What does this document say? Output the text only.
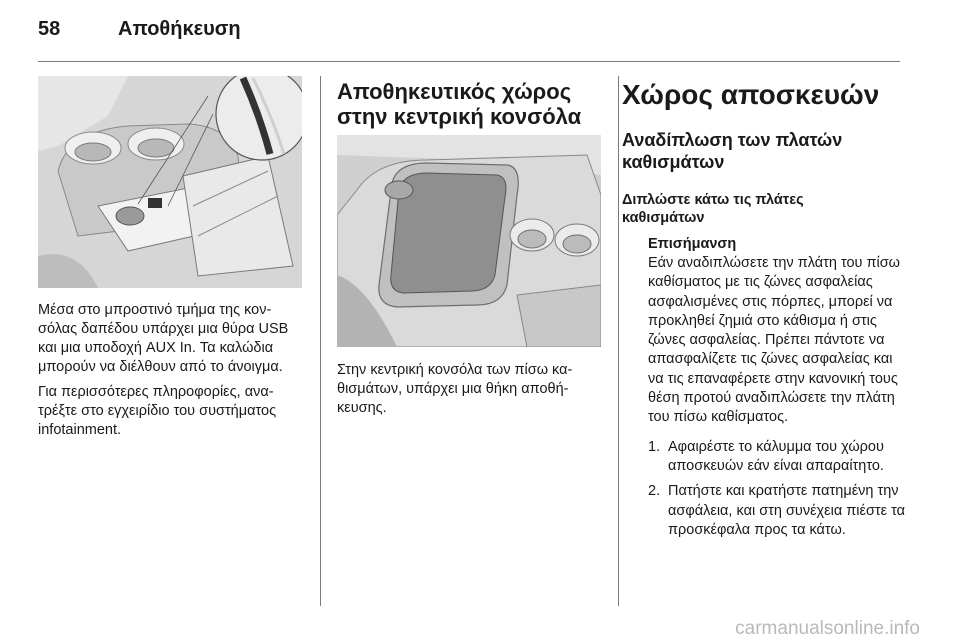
58	Αποθήκευση

Μέσα στο μπροστινό τμήμα της κονσόλας δαπέδου υπάρχει μια θύρα USB και μια υποδοχή AUX In. Τα καλώδια μπορούν να διέλθουν από το άνοιγμα.

Για περισσότερες πληροφορίες, ανατρέξτε στο εγχειρίδιο του συστήματος infotainment.

Αποθηκευτικός χώρος στην κεντρική κονσόλα

Στην κεντρική κονσόλα των πίσω καθισμάτων, υπάρχει μια θήκη αποθήκευσης.

Χώρος αποσκευών
Αναδίπλωση των πλατών καθισμάτων
Διπλώστε κάτω τις πλάτες καθισμάτων
Επισήμανση
Εάν αναδιπλώσετε την πλάτη του πίσω καθίσματος με τις ζώνες ασφαλείας ασφαλισμένες στις πόρπες, μπορεί να προκληθεί ζημιά στο κάθισμα ή στις ζώνες ασφαλείας. Πρέπει πάντοτε να απασφαλίζετε τις ζώνες ασφαλείας και να τις επαναφέρετε στην κανονική τους θέση προτού αναδιπλώσετε την πλάτη του πίσω καθίσματος.
1. Αφαιρέστε το κάλυμμα του χώρου αποσκευών εάν είναι απαραίτητο.
2. Πατήστε και κρατήστε πατημένη την ασφάλεια, και στη συνέχεια πιέστε τα προσκέφαλα προς τα κάτω.
carmanualsonline.info
